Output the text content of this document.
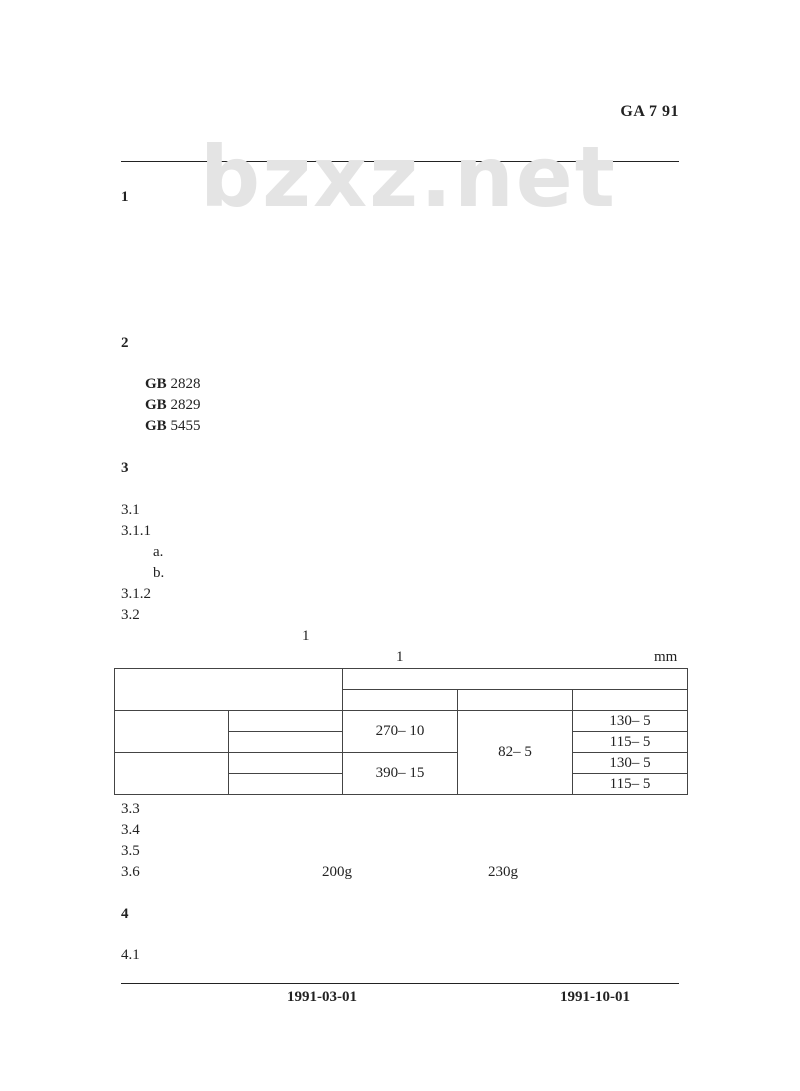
GA 7 91
bzxz.net
1
2
GB 2828
GB 2829
GB 5455
3
3.1
3.1.1
a.
b.
3.1.2
3.2
1
1	mm

		270– 10	82– 5	130– 5
				115– 5
		390– 15		130– 5
				115– 5
3.3
3.4
3.5
3.6	200g	230g
4
4.1
1991-03-01	1991-10-01
